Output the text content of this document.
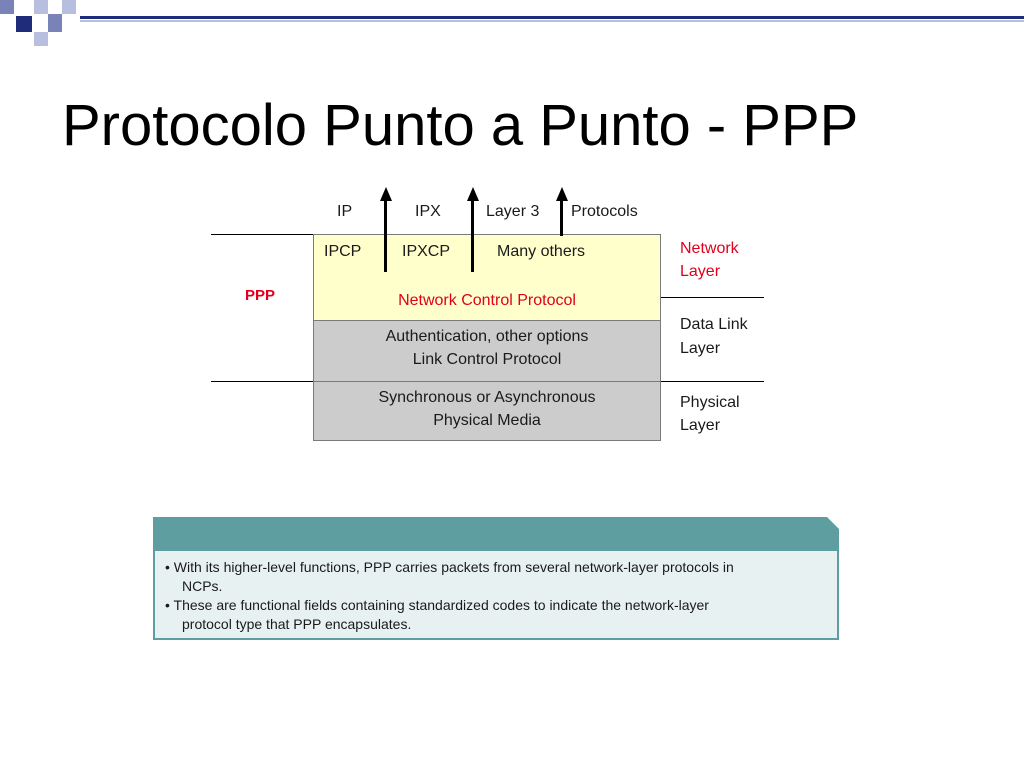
Protocolo Punto a Punto - PPP
IP	IPX	Layer 3 Protocols
PPP
IPCP	IPXCP	Many others
Network Control Protocol
Authentication, other options
Link Control Protocol
Synchronous or Asynchronous
Physical Media
Network
Layer
Data Link
Layer
Physical
Layer
• With its higher-level functions, PPP carries packets from several network-layer protocols in
NCPs.
• These are functional fields containing standardized codes to indicate the network-layer
protocol type that PPP encapsulates.
